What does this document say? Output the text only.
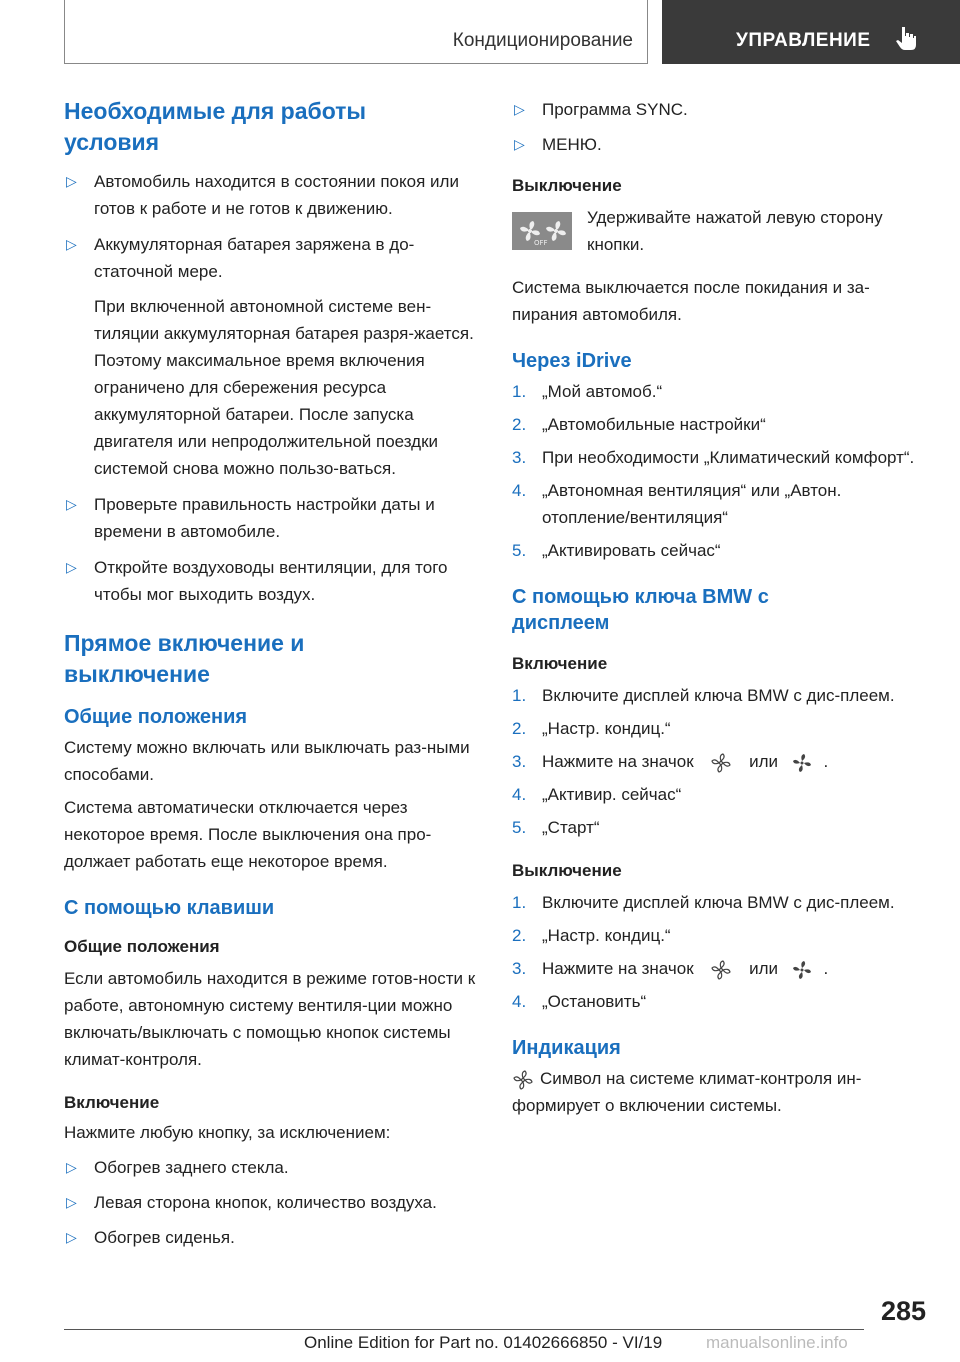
Кондиционирование	УПРАВЛЕНИЕ
Необходимые для работы условия
▷ Автомобиль находится в состоянии покоя или готов к работе и не готов к движению.
▷ Аккумуляторная батарея заряжена в до-статочной мере.

При включенной автономной системе вен-тиляции аккумуляторная батарея разря-жается. Поэтому максимальное время включения ограничено для сбережения ресурса аккумуляторной батареи. После запуска двигателя или непродолжительной поездки системой снова можно пользо-ваться.

▷ Проверьте правильность настройки даты и времени в автомобиле.
▷ Откройте воздуховоды вентиляции, для того чтобы мог выходить воздух.
Прямое включение и выключение
Общие положения

Систему можно включать или выключать раз-ными способами.

Система автоматически отключается через некоторое время. После выключения она про-должает работать еще некоторое время.

С помощью клавиши
Общие положения

Если автомобиль находится в режиме готов-ности к работе, автономную систему вентиля-ции можно включать/выключать с помощью кнопок системы климат-контроля.

Включение

Нажмите любую кнопку, за исключением:

▷ Обогрев заднего стекла.
▷ Левая сторона кнопок, количество воздуха.
▷ Обогрев сиденья.
▷ Программа SYNC.
▷ МЕНЮ.
Выключение
OFF

Удерживайте нажатой левую сторону кнопки.

Система выключается после покидания и за-пирания автомобиля.

Через iDrive
1. „Мой автомоб.“
2. „Автомобильные настройки“
3. При необходимости „Климатический комфорт“.
4. „Автономная вентиляция“ или „Автон. отопление/вентиляция“
5. „Активировать сейчас“
С помощью ключа BMW с дисплеем
Включение
1. Включите дисплей ключа BMW с дис-плеем.
2. „Настр. кондиц.“
3. Нажмите на значок	или	.
4. „Активир. сейчас“
5. „Старт“
Выключение
1. Включите дисплей ключа BMW с дис-плеем.
2. „Настр. кондиц.“
3. Нажмите на значок	или	.
4. „Остановить“
Индикация

Символ на системе климат-контроля ин-формирует о включении системы.

285
Online Edition for Part no. 01402666850 - VI/19	manualsonline.info
